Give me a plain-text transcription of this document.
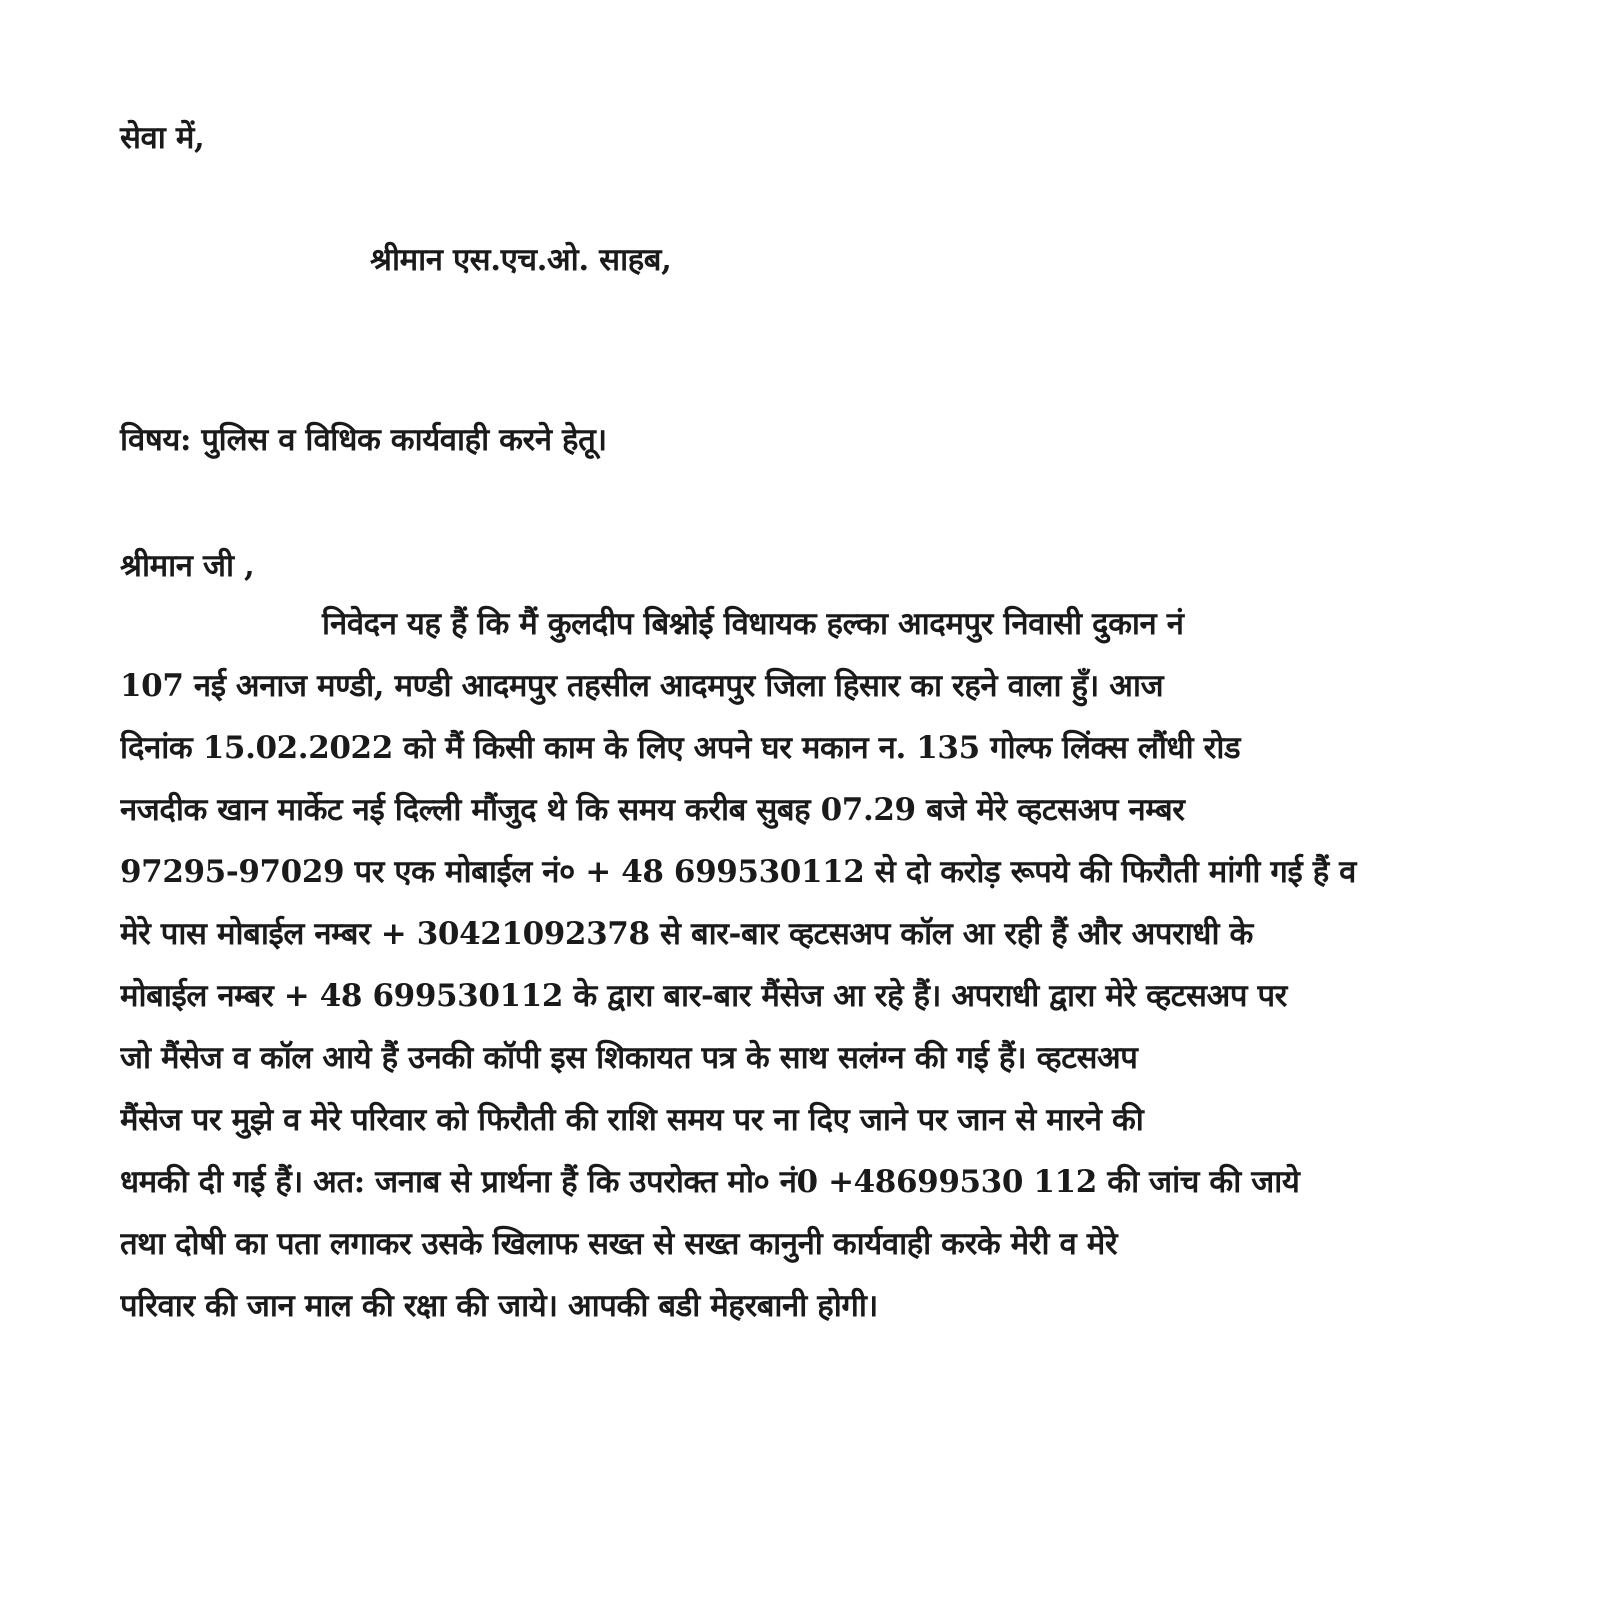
सेवा में,
श्रीमान एस.एच.ओ. साहब,
विषय: पुलिस व विधिक कार्यवाही करने हेतू।
श्रीमान जी ,
निवेदन यह हैं कि मैं कुलदीप बिश्नोई विधायक हल्का आदमपुर निवासी दुकान नं
107 नई अनाज मण्डी, मण्डी आदमपुर तहसील आदमपुर जिला हिसार का रहने वाला हुँ। आज
दिनांक 15.02.2022 को मैं किसी काम के लिए अपने घर मकान न. 135 गोल्फ लिंक्स लौंधी रोड
नजदीक खान मार्केट नई दिल्ली मौंजुद थे कि समय करीब सुबह 07.29 बजे मेरे व्हटसअप नम्बर
97295-97029 पर एक मोबाईल नं० + 48 699530112 से दो करोड़ रूपये की फिरौती मांगी गई हैं व
मेरे पास मोबाईल नम्बर + 30421092378 से बार-बार व्हटसअप कॉल आ रही हैं और अपराधी के
मोबाईल नम्बर + 48 699530112 के द्वारा बार-बार मैंसेज आ रहे हैं। अपराधी द्वारा मेरे व्हटसअप पर
जो मैंसेज व कॉल आये हैं उनकी कॉपी इस शिकायत पत्र के साथ सलंग्न की गई हैं। व्हटसअप
मैंसेज पर मुझे व मेरे परिवार को फिरौती की राशि समय पर ना दिए जाने पर जान से मारने की
धमकी दी गई हैं। अत: जनाब से प्रार्थना हैं कि उपरोक्त मो० नं0 +48699530 112 की जांच की जाये
तथा दोषी का पता लगाकर उसके खिलाफ सख्त से सख्त कानुनी कार्यवाही करके मेरी व मेरे
परिवार की जान माल की रक्षा की जाये। आपकी बडी मेहरबानी होगी।
